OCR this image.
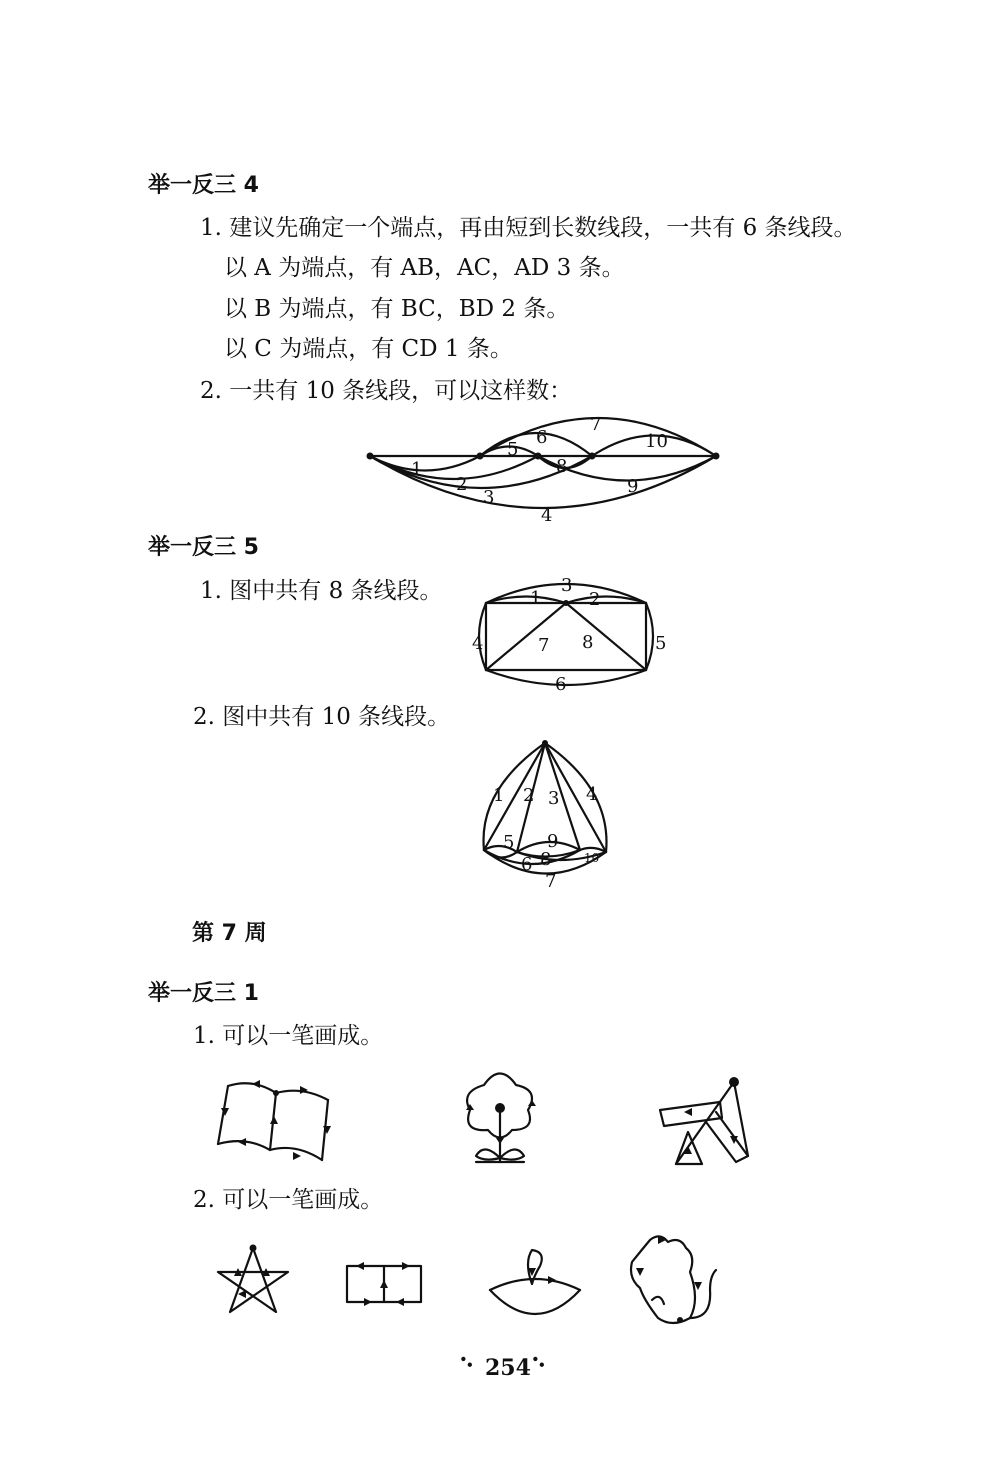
举一反三 4
1. 建议先确定一个端点，再由短到长数线段，一共有 6 条线段。
以 A 为端点，有 AB，AC，AD 3 条。
以 B 为端点，有 BC，BD 2 条。
以 C 为端点，有 CD 1 条。
2. 一共有 10 条线段，可以这样数：
1
2
3
4
5
6
7
8
9
10
举一反三 5
1. 图中共有 8 条线段。	1	2
3
4	5
6
7 8
2. 图中共有 10 条线段。
1 2 3 4
5
6
7
8
9
10
第 7 周
举一反三 1
1. 可以一笔画成。
2. 可以一笔画成。
⠑ 254 ⠑
